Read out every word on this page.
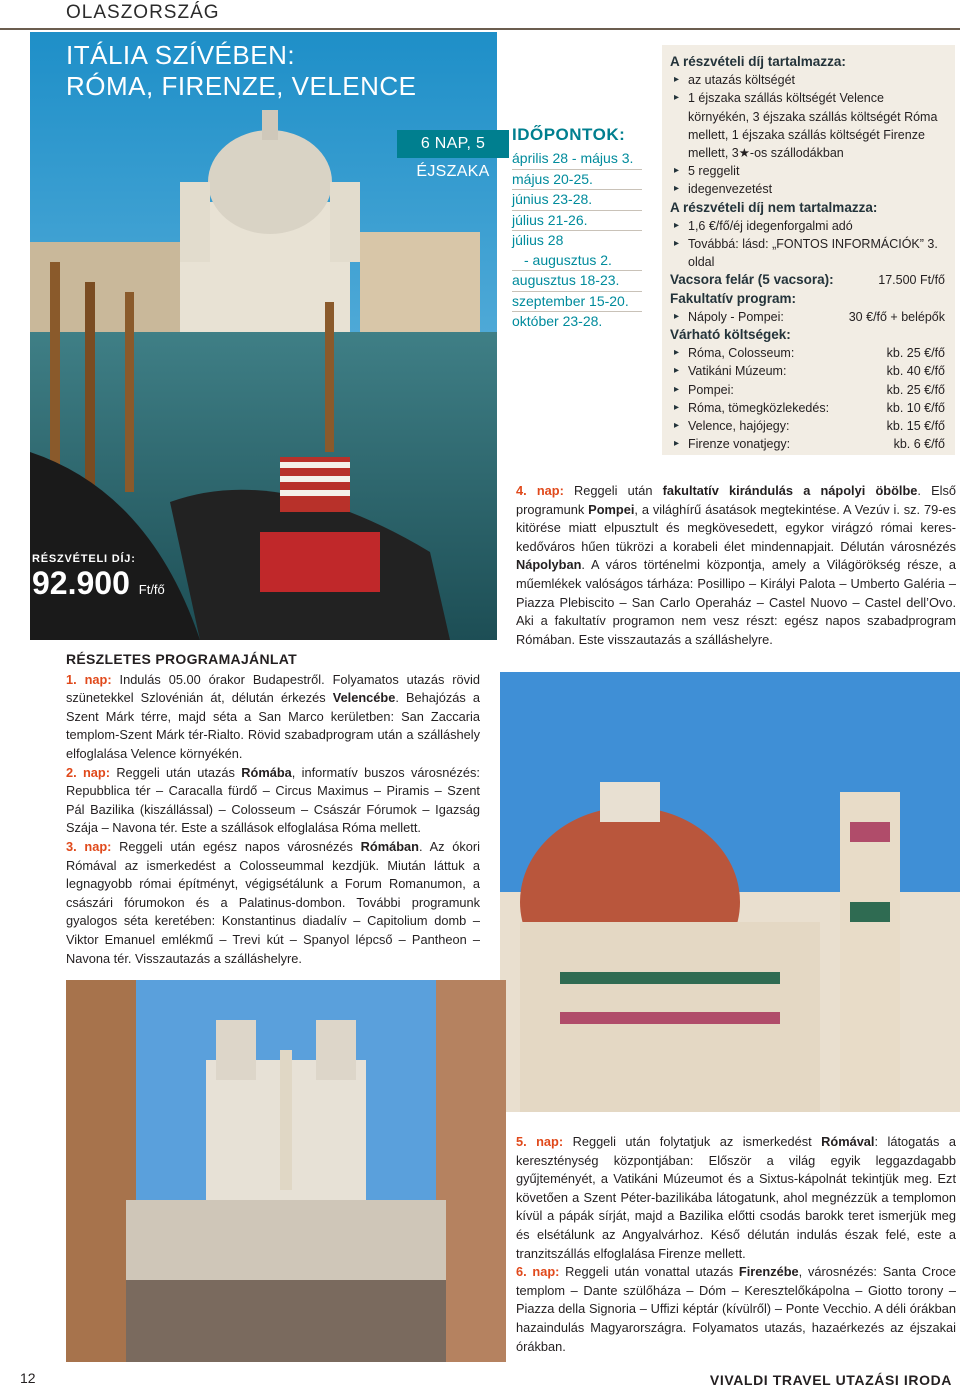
OLASZORSZÁG
ITÁLIA SZÍVÉBEN:
RÓMA, FIRENZE, VELENCE
6 NAP, 5 ÉJSZAKA
IDŐPONTOK:
április 28 - május 3.
május 20-25.
június 23-28.
július 21-26.
július 28
- augusztus 2.
augusztus 18-23.
szeptember 15-20.
október 23-28.
A részvételi díj tartalmazza:
▸ az utazás költségét
▸ 1 éjszaka szállás költségét Velence környékén, 3 éjszaka szállás költségét Róma mellett, 1 éjszaka szállás költségét Firenze mellett, 3★-os szállodákban
▸ 5 reggelit
▸ idegenvezetést
A részvételi díj nem tartalmazza:
▸ 1,6 €/fő/éj idegenforgalmi adó
▸ Továbbá: lásd: „FONTOS INFORMÁCIÓK” 3. oldal
Vacsora felár (5 vacsora):	17.500 Ft/fő
Fakultatív program:
▸ Nápoly - Pompei:	30 €/fő + belépők
Várható költségek:
▸ Róma, Colosseum:	kb. 25 €/fő
▸ Vatikáni Múzeum:	kb. 40 €/fő
▸ Pompei:	kb. 25 €/fő
▸ Róma, tömegközlekedés:	kb. 10 €/fő
▸ Velence, hajójegy:	kb. 15 €/fő
▸ Firenze vonatjegy:	kb. 6 €/fő
RÉSZVÉTELI DÍJ:
92.900 Ft/fő
RÉSZLETES PROGRAMAJÁNLAT
1. nap: Indulás 05.00 órakor Budapestről. Folyamatos utazás rövid szünetekkel Szlovénián át, délután érkezés Velencébe. Behajózás a Szent Márk térre, majd séta a San Marco kerületben: San Zaccaria templom-Szent Márk tér-Rialto. Rövid szabadprogram után a szálláshely elfoglalása Velence környékén.
2. nap: Reggeli után utazás Rómába, informatív buszos városnézés: Repubblica tér – Caracalla fürdő – Circus Maximus – Piramis – Szent Pál Bazilika (kiszállással) – Colosseum – Császár Fórumok – Igazság Szája – Navona tér. Este a szállások elfoglalása Róma mellett.
3. nap: Reggeli után egész napos városnézés Rómában. Az ókori Rómával az ismerkedést a Colosseummal kezdjük. Miután láttuk a legnagyobb római építményt, végigsétálunk a Forum Romanumon, a császári fórumokon és a Palatinus-dombon. További programunk gyalogos séta keretében: Konstantinus diadalív – Capitolium domb – Viktor Emanuel emlékmű – Trevi kút – Spanyol lépcső – Pantheon – Navona tér. Visszautazás a szálláshelyre.
4. nap: Reggeli után fakultatív kirándulás a nápolyi öbölbe. Első programunk Pompei, a világhírű ásatások megtekintése. A Vezúv i. sz. 79-es kitörése miatt elpusztult és megkövesedett, egykor virágzó római kereskedőváros hűen tükrözi a korabeli élet mindennapjait. Délután városnézés Nápolyban. A város történelmi központja, amely a Világörökség része, a műemlékek valóságos tárháza: Posillipo – Királyi Palota – Umberto Galéria – Piazza Plebiscito – San Carlo Operaház – Castel Nuovo – Castel dell’Ovo. Aki a fakultatív programon nem vesz részt: egész napos szabadprogram Rómában. Este visszautazás a szálláshelyre.
5. nap: Reggeli után folytatjuk az ismerkedést Rómával: látogatás a kereszténység központjában: Először a világ egyik leggazdagabb gyűjteményét, a Vatikáni Múzeumot és a Sixtus-kápolnát tekintjük meg. Ezt követően a Szent Péter-bazilikába látogatunk, ahol megnézzük a templomon kívül a pápák sírját, majd a Bazilika előtti csodás barokk teret ismerjük meg és elsétálunk az Angyalvárhoz. Késő délután indulás észak felé, este a tranzitszállás elfoglalása Firenze mellett.
6. nap: Reggeli után vonattal utazás Firenzébe, városnézés: Santa Croce templom – Dante szülőháza – Dóm – Keresztelőkápolna – Giotto torony – Piazza della Signoria – Uffizi képtár (kívülről) – Ponte Vecchio. A déli órákban hazaindulás Magyarországra. Folyamatos utazás, hazaérkezés az éjszakai órákban.
12	VIVALDI TRAVEL UTAZÁSI IRODA
